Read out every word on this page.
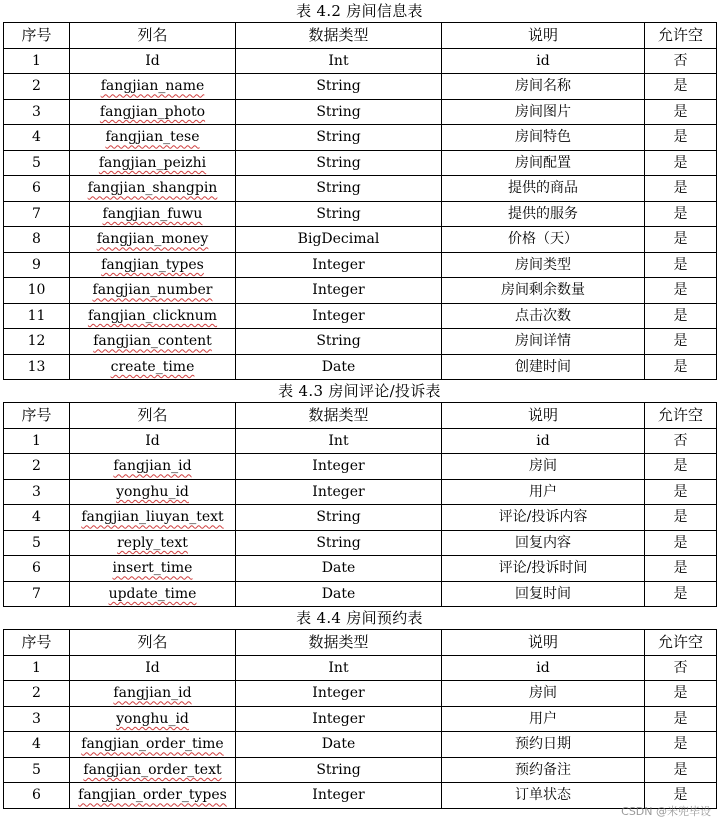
表 4.2 房间信息表
序号	列名	数据类型	说明	允许空
1	Id	Int	id	否
2	fangjian_name	String	房间名称	是
3	fangjian_photo	String	房间图片	是
4	fangjian_tese	String	房间特色	是
5	fangjian_peizhi	String	房间配置	是
6	fangjian_shangpin	String	提供的商品	是
7	fangjian_fuwu	String	提供的服务	是
8	fangjian_money	BigDecimal	价格（天）	是
9	fangjian_types	Integer	房间类型	是
10	fangjian_number	Integer	房间剩余数量	是
11	fangjian_clicknum	Integer	点击次数	是
12	fangjian_content	String	房间详情	是
13	create_time	Date	创建时间	是
表 4.3 房间评论/投诉表
序号	列名	数据类型	说明	允许空
1	Id	Int	id	否
2	fangjian_id	Integer	房间	是
3	yonghu_id	Integer	用户	是
4	fangjian_liuyan_text	String	评论/投诉内容	是
5	reply_text	String	回复内容	是
6	insert_time	Date	评论/投诉时间	是
7	update_time	Date	回复时间	是
表 4.4 房间预约表
序号	列名	数据类型	说明	允许空
1	Id	Int	id	否
2	fangjian_id	Integer	房间	是
3	yonghu_id	Integer	用户	是
4	fangjian_order_time	Date	预约日期	是
5	fangjian_order_text	String	预约备注	是
6	fangjian_order_types	Integer	订单状态	是
CSDN @米兜毕设
